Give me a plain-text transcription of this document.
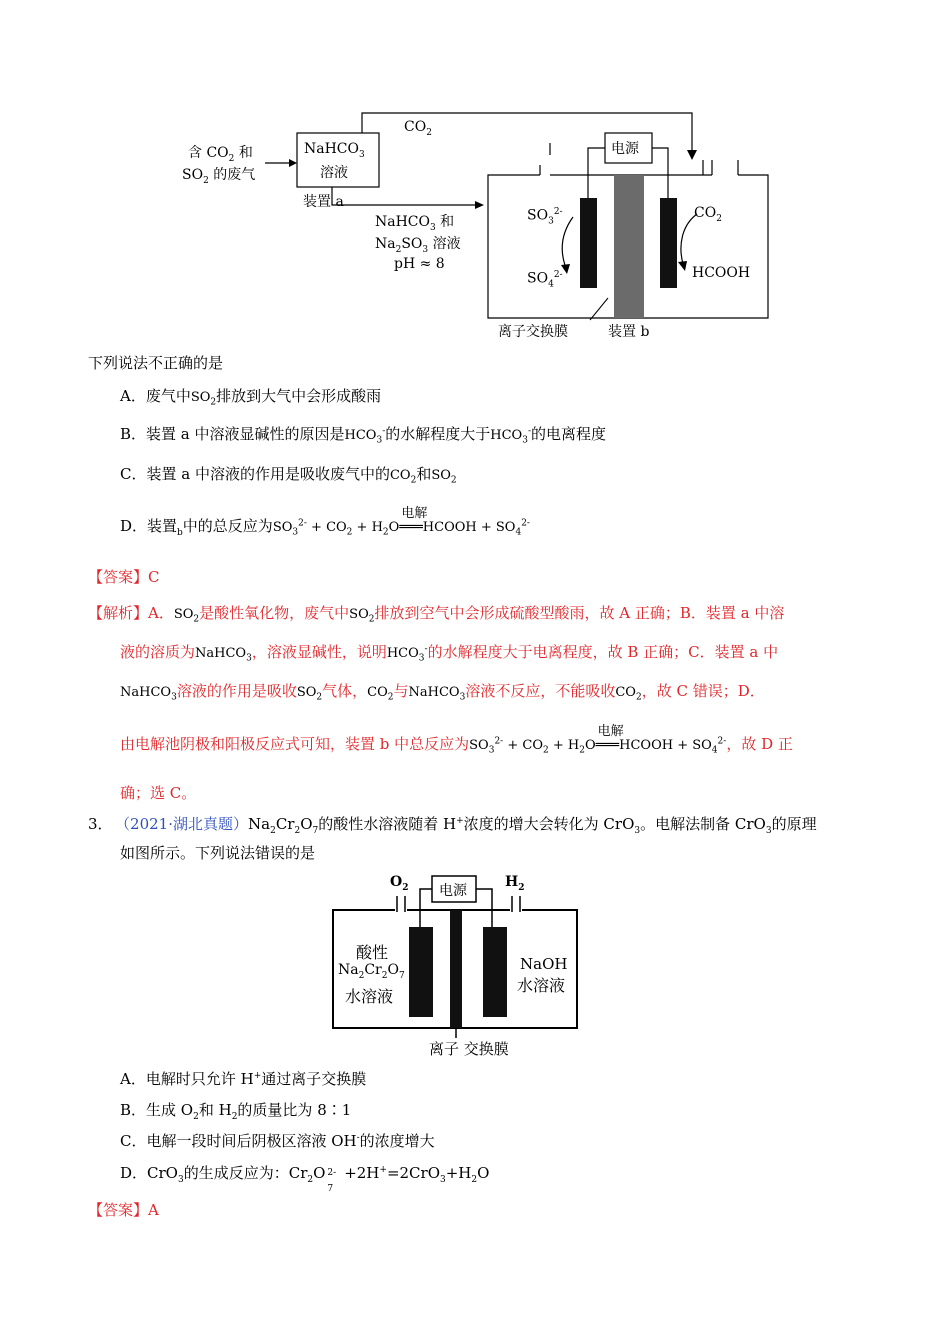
$CO_2$
含 $CO_2$ 和
$SO_2$ 的废气
NaHCO$_3$
溶液
装置 a
NaHCO$_3$ 和
$Na_2SO_3$ 溶液
pH ≈ 8
电源
$SO_3^{2-}$
$SO_4^{2-}$
$CO_2$
HCOOH
离子交换膜	装置 b
下列说法不正确的是
A．废气中$SO_2$排放到大气中会形成酸雨
B．装置 a 中溶液显碱性的原因是$HCO_3^-$的水解程度大于$HCO_3^-$的电离程度
C．装置 a 中溶液的作用是吸收废气中的$CO_2$和$SO_2$
D．装置$_b$中的总反应为$SO_3^{2-} + CO_2 + H_2O$
电解
═══HCOOH + $SO_4^{2-}$
【答案】C
【解析】A．$SO_2$是酸性氧化物，废气中$SO_2$排放到空气中会形成硫酸型酸雨，故 A 正确；B．装置 a 中溶
液的溶质为NaHCO$_3$，溶液显碱性，说明$HCO_3^-$的水解程度大于电离程度，故 B 正确；C．装置 a 中
NaHCO$_3$溶液的作用是吸收$SO_2$气体，$CO_2$与NaHCO$_3$溶液不反应，不能吸收$CO_2$，故 C 错误；D．
由电解池阴极和阳极反应式可知，装置 b 中总反应为$SO_3^{2-} + CO_2 + H_2O$
电解
═══HCOOH + $SO_4^{2-}$，故 D 正
确；选 C。
3． （2021·湖北真题）$Na_2Cr_2O_7$的酸性水溶液随着 H+浓度的增大会转化为 CrO$_3$。电解法制备 CrO$_3$的原理
如图所示。下列说法错误的是
$O_2$	$H_2$
电源
酸性
$Na_2Cr_2O_7$
水溶液
NaOH
水溶液
离子 交换膜
A．电解时只允许 H+通过离子交换膜
B．生成 $O_2$和 $H_2$的质量比为 8∶1
C．电解一段时间后阴极区溶液 OH-的浓度增大
D．CrO$_3$的生成反应为：$Cr_2O$
7
$2- +2H^+=2CrO_3+H_2O$
【答案】A
